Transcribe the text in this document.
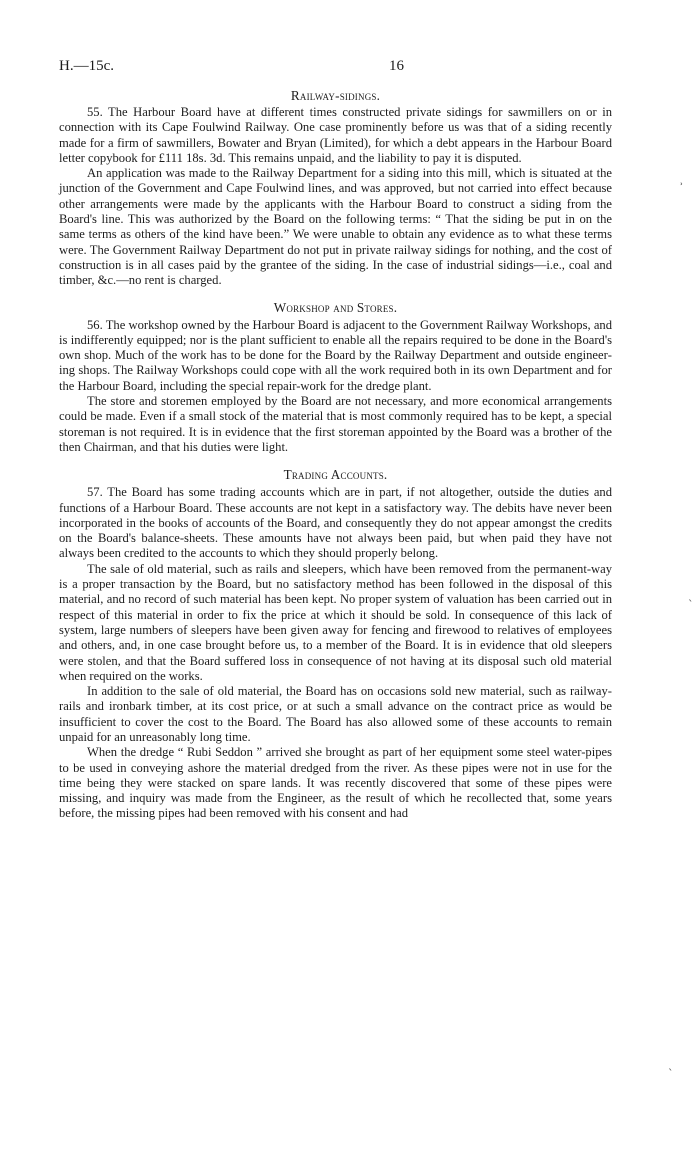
H.—15c.	16
Railway-sidings.

55. The Harbour Board have at different times constructed private sidings for sawmillers on or in connection with its Cape Foulwind Railway. One case prominently before us was that of a siding recently made for a firm of sawmillers, Bowater and Bryan (Limited), for which a debt appears in the Harbour Board letter copybook for £111 18s. 3d. This remains unpaid, and the liability to pay it is disputed.

An application was made to the Railway Department for a siding into this mill, which is situated at the junction of the Government and Cape Foulwind lines, and was approved, but not carried into effect because other arrangements were made by the applicants with the Harbour Board to construct a siding from the Board's line. This was authorized by the Board on the following terms: “ That the siding be put in on the same terms as others of the kind have been.” We were unable to obtain any evidence as to what these terms were. The Government Railway Department do not put in private railway sidings for nothing, and the cost of construction is in all cases paid by the grantee of the siding. In the case of industrial sidings—i.e., coal and timber, &c.—no rent is charged.

Workshop and Stores.

56. The workshop owned by the Harbour Board is adjacent to the Government Railway Workshops, and is indifferently equipped; nor is the plant sufficient to enable all the repairs required to be done in the Board's own shop. Much of the work has to be done for the Board by the Railway Department and outside engineering shops. The Railway Workshops could cope with all the work required both in its own Department and for the Harbour Board, including the special repair-work for the dredge plant.

The store and storemen employed by the Board are not necessary, and more economical arrangements could be made. Even if a small stock of the material that is most commonly required has to be kept, a special storeman is not required. It is in evidence that the first storeman appointed by the Board was a brother of the then Chairman, and that his duties were light.

Trading Accounts.

57. The Board has some trading accounts which are in part, if not altogether, outside the duties and functions of a Harbour Board. These accounts are not kept in a satisfactory way. The debits have never been incorporated in the books of accounts of the Board, and consequently they do not appear amongst the credits on the Board's balance-sheets. These amounts have not always been paid, but when paid they have not always been credited to the accounts to which they should properly belong.

The sale of old material, such as rails and sleepers, which have been removed from the permanent-way is a proper transaction by the Board, but no satisfactory method has been followed in the disposal of this material, and no record of such material has been kept. No proper system of valuation has been carried out in respect of this material in order to fix the price at which it should be sold. In consequence of this lack of system, large numbers of sleepers have been given away for fencing and firewood to relatives of employees and others, and, in one case brought before us, to a member of the Board. It is in evidence that old sleepers were stolen, and that the Board suffered loss in consequence of not having at its disposal such old material when required on the works.

In addition to the sale of old material, the Board has on occasions sold new material, such as railway-rails and ironbark timber, at its cost price, or at such a small advance on the contract price as would be insufficient to cover the cost to the Board. The Board has also allowed some of these accounts to remain unpaid for an unreasonably long time.

When the dredge “ Rubi Seddon ” arrived she brought as part of her equipment some steel water-pipes to be used in conveying ashore the material dredged from the river. As these pipes were not in use for the time being they were stacked on spare lands. It was recently discovered that some of these pipes were missing, and inquiry was made from the Engineer, as the result of which he recollected that, some years before, the missing pipes had been removed with his consent and had

˒
ˋ
ˎ
